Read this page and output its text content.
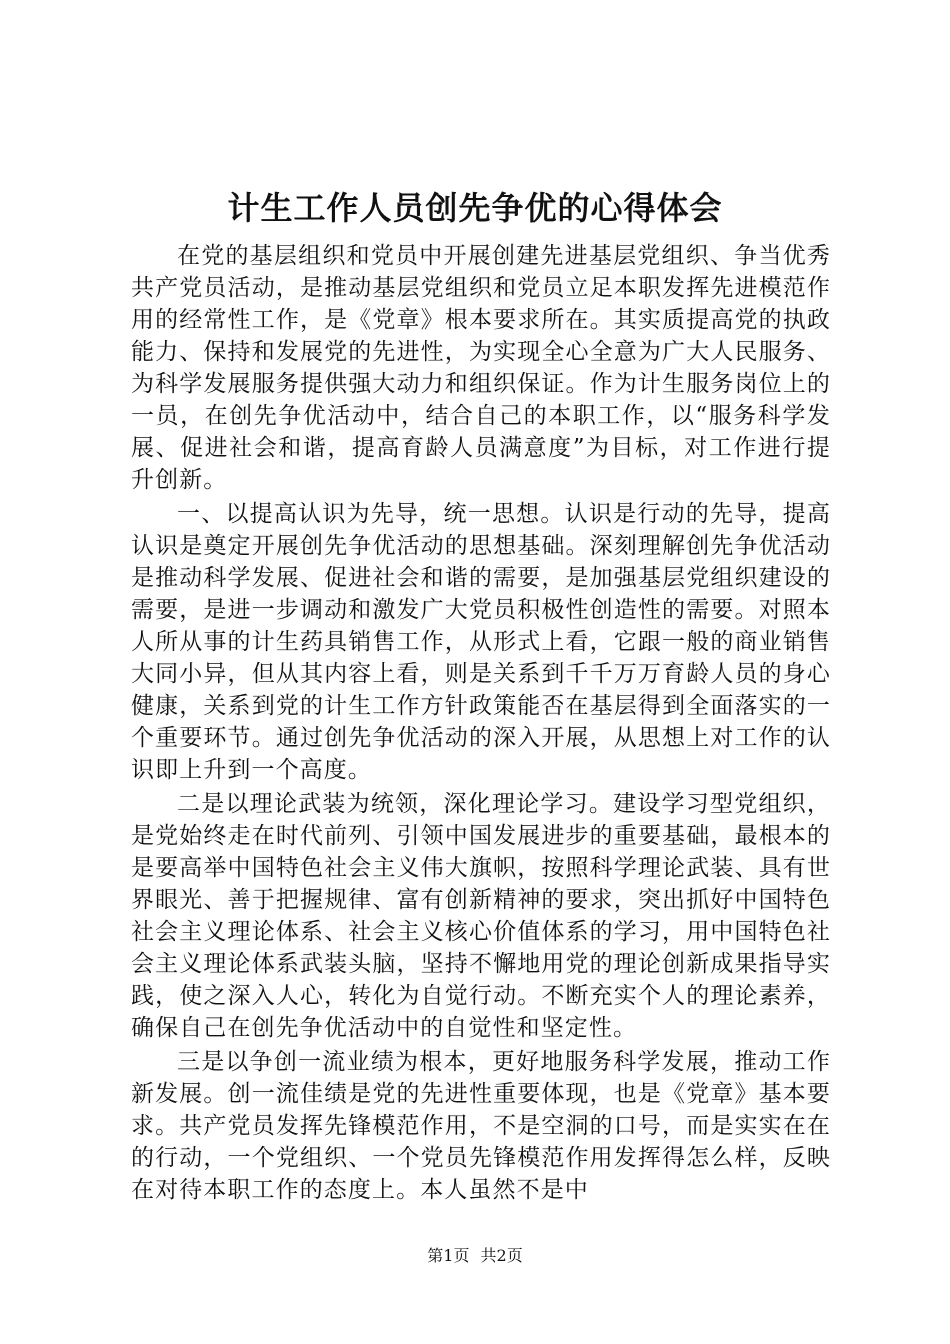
计生工作人员创先争优的心得体会

在党的基层组织和党员中开展创建先进基层党组织、争当优秀共产党员活动，是推动基层党组织和党员立足本职发挥先进模范作用的经常性工作，是《党章》根本要求所在。其实质提高党的执政能力、保持和发展党的先进性，为实现全心全意为广大人民服务、为科学发展服务提供强大动力和组织保证。作为计生服务岗位上的一员，在创先争优活动中，结合自己的本职工作，以“服务科学发展、促进社会和谐，提高育龄人员满意度”为目标，对工作进行提升创新。

一、以提高认识为先导，统一思想。认识是行动的先导，提高认识是奠定开展创先争优活动的思想基础。深刻理解创先争优活动是推动科学发展、促进社会和谐的需要，是加强基层党组织建设的需要，是进一步调动和激发广大党员积极性创造性的需要。对照本人所从事的计生药具销售工作，从形式上看，它跟一般的商业销售大同小异，但从其内容上看，则是关系到千千万万育龄人员的身心健康，关系到党的计生工作方针政策能否在基层得到全面落实的一个重要环节。通过创先争优活动的深入开展，从思想上对工作的认识即上升到一个高度。

二是以理论武装为统领，深化理论学习。建设学习型党组织，是党始终走在时代前列、引领中国发展进步的重要基础，最根本的是要高举中国特色社会主义伟大旗帜，按照科学理论武装、具有世界眼光、善于把握规律、富有创新精神的要求，突出抓好中国特色社会主义理论体系、社会主义核心价值体系的学习，用中国特色社会主义理论体系武装头脑，坚持不懈地用党的理论创新成果指导实践，使之深入人心，转化为自觉行动。不断充实个人的理论素养，确保自己在创先争优活动中的自觉性和坚定性。

三是以争创一流业绩为根本，更好地服务科学发展，推动工作新发展。创一流佳绩是党的先进性重要体现，也是《党章》基本要求。共产党员发挥先锋模范作用，不是空洞的口号，而是实实在在的行动，一个党组织、一个党员先锋模范作用发挥得怎么样，反映在对待本职工作的态度上。本人虽然不是中

第1页 共2页
